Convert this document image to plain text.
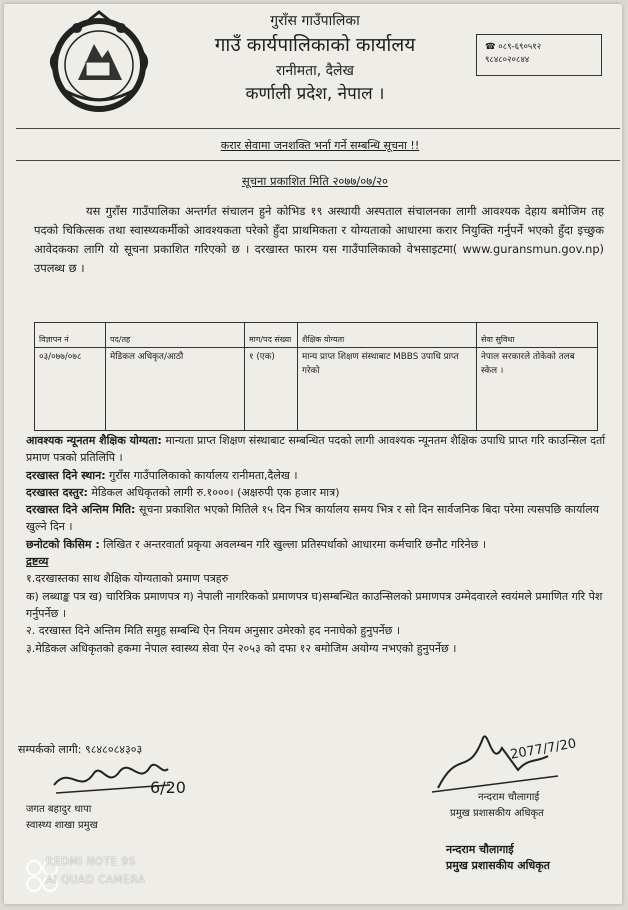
गुराँस गाउँपालिका
गाउँ कार्यपालिकाको कार्यालय
रानीमता, दैलेख
कर्णाली प्रदेश, नेपाल ।
☎ ०८९-६९०५१२
९८४८०२०८४४
करार सेवामा जनशक्ति भर्ना गर्ने सम्बन्धि सूचना !!
सूचना प्रकाशित मिति २०७७/०७/२०
यस गुराँस गाउँपालिका अन्तर्गत संचालन हुने कोभिड १९ अस्थायी अस्पताल संचालनका लागी आवश्यक देहाय बमोजिम तह पदको चिकित्सक तथा स्वास्थ्यकर्मीको आवश्यकता परेको हुँदा प्राथमिकता र योग्यताको आधारमा करार नियुक्ति गर्नुपर्ने भएको हुँदा इच्छुक आवेदकका लागि यो सूचना प्रकाशित गरिएको छ । दरखास्त फारम यस गाउँपालिकाको वेभसाइटमा( www.guransmun.gov.np) उपलब्ध छ ।
विज्ञापन नं	पद/तह	माग/पद संख्या	शैक्षिक योग्यता	सेवा सुविधा
०३/०७७/०७८	मेडिकल अधिकृत/आठौ	१ (एक)	मान्य प्राप्त शिक्षण संस्थाबाट MBBS उपाधि प्राप्त गरेको	नेपाल सरकारले तोकेको तलब स्केल ।

आवश्यक न्यूनतम शैक्षिक योग्यता: मान्यता प्राप्त शिक्षण संस्थाबाट सम्बन्धित पदको लागी आवश्यक न्यूनतम शैक्षिक उपाधि प्राप्त गरि काउन्सिल दर्ता प्रमाण पत्रको प्रतिलिपि ।

दरखास्त दिने स्थान: गुराँस गाउँपालिकाको कार्यालय रानीमता,दैलेख ।

दरखास्त दस्तुर: मेडिकल अधिकृतको लागी रु.१०००। (अक्षरुपी एक हजार मात्र)

दरखास्त दिने अन्तिम मिति: सूचना प्रकाशित भएको मितिले १५ दिन भित्र कार्यालय समय भित्र र सो दिन सार्वजनिक बिदा परेमा त्यसपछि कार्यालय खुल्ने दिन ।

छनोटको किसिम : लिखित र अन्तरवार्ता प्रकृया अवलम्बन गरि खुल्ला प्रतिस्पर्धाको आधारमा कर्मचारि छनौट गरिनेछ ।

द्रष्टव्य

१.दरखास्तका साथ शैक्षिक योग्यताको प्रमाण पत्रहरु

क) लब्धाङ्क पत्र ख) चारित्रिक प्रमाणपत्र ग) नेपाली नागरिकको प्रमाणपत्र घ)सम्बन्धित काउन्सिलको प्रमाणपत्र उम्मेदवारले स्वयंमले प्रमाणित गरि पेश गर्नुपर्नेछ ।

२. दरखास्त दिने अन्तिम मिति समुह सम्बन्धि ऐन नियम अनुसार उमेरको हद ननाघेको हुनुपर्नेछ ।

३.मेडिकल अधिकृतको हकमा नेपाल स्वास्थ्य सेवा ऐन २०५३ को दफा १२ बमोजिम अयोग्य नभएको हुनुपर्नेछ ।

सम्पर्कको लागी: ९८४८०८४३०३
6/20
जगत बहादुर थापा
स्वास्थ्य शाखा प्रमुख
2077/7/20
नन्दराम चौलागाई
प्रमुख प्रशासकीय अधिकृत
नन्दराम चौलागाई
प्रमुख प्रशासकीय अधिकृत
REDMI NOTE 9S
AI QUAD CAMERA
